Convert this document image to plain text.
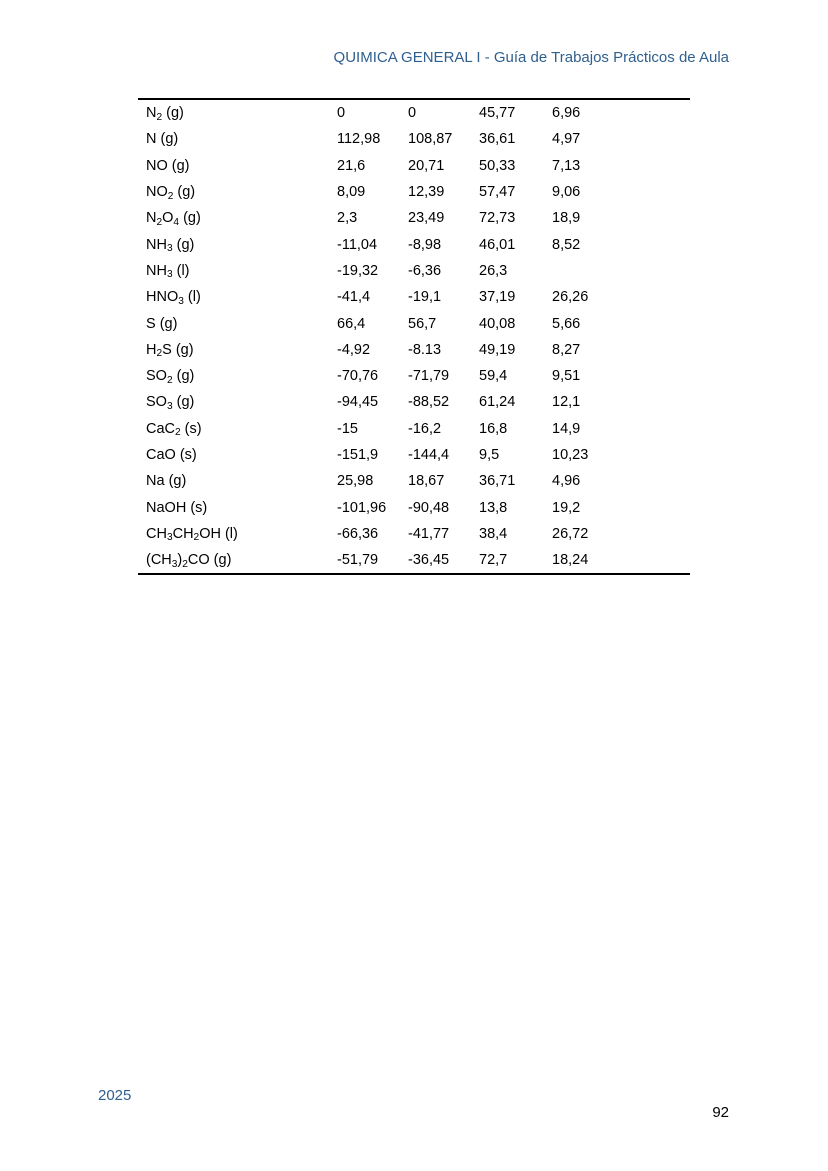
QUIMICA GENERAL I - Guía de Trabajos Prácticos de Aula
$N_2$ (g)	0	0	45,77	6,96
N (g)	112,98	108,87	36,61	4,97
NO (g)	21,6	20,71	50,33	7,13
$NO_2$ (g)	8,09	12,39	57,47	9,06
$N_2O_4$ (g)	2,3	23,49	72,73	18,9
$NH_3$ (g)	-11,04	-8,98	46,01	8,52
$NH_3$ (l)	-19,32	-6,36	26,3	
$HNO_3$ (l)	-41,4	-19,1	37,19	26,26
S (g)	66,4	56,7	40,08	5,66
$H_2S$ (g)	-4,92	-8.13	49,19	8,27
$SO_2$ (g)	-70,76	-71,79	59,4	9,51
$SO_3$ (g)	-94,45	-88,52	61,24	12,1
CaC$_2$ (s)	-15	-16,2	16,8	14,9
CaO (s)	-151,9	-144,4	9,5	10,23
Na (g)	25,98	18,67	36,71	4,96
NaOH (s)	-101,96	-90,48	13,8	19,2
$CH_3CH_2OH$ (l)	-66,36	-41,77	38,4	26,72
$(CH_3)_2CO$ (g)	-51,79	-36,45	72,7	18,24
2025
92
